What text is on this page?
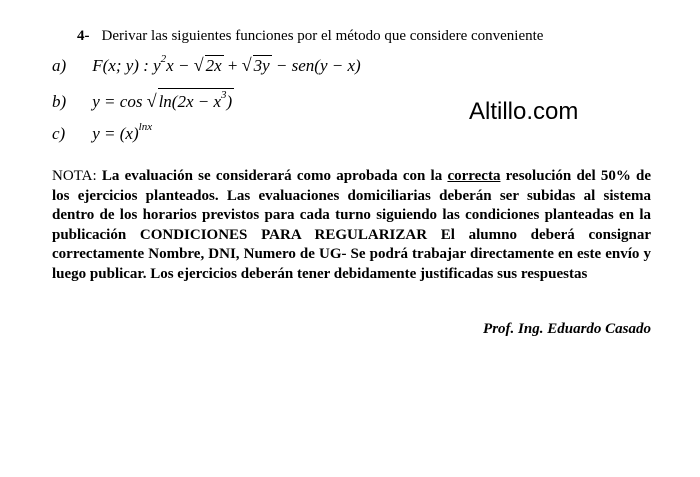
4- Derivar las siguientes funciones por el método que considere conveniente
a) F(x; y) : $y^2x$ − √ 2x + √ 3y − sen(y − x)
b) y = cos √ $\ln(2x - x^3)$
c) $y = (x)^{lnx}$
Altillo.com

NOTA: La evaluación se considerará como aprobada con la correcta resolución del 50% de los ejercicios planteados. Las evaluaciones domiciliarias deberán ser subidas al sistema dentro de los horarios previstos para cada turno siguiendo las condiciones planteadas en la publicación CONDICIONES PARA REGULARIZAR El alumno deberá consignar correctamente Nombre, DNI, Numero de UG- Se podrá trabajar directamente en este envío y luego publicar. Los ejercicios deberán tener debidamente justificadas sus respuestas

Prof. Ing. Eduardo Casado
